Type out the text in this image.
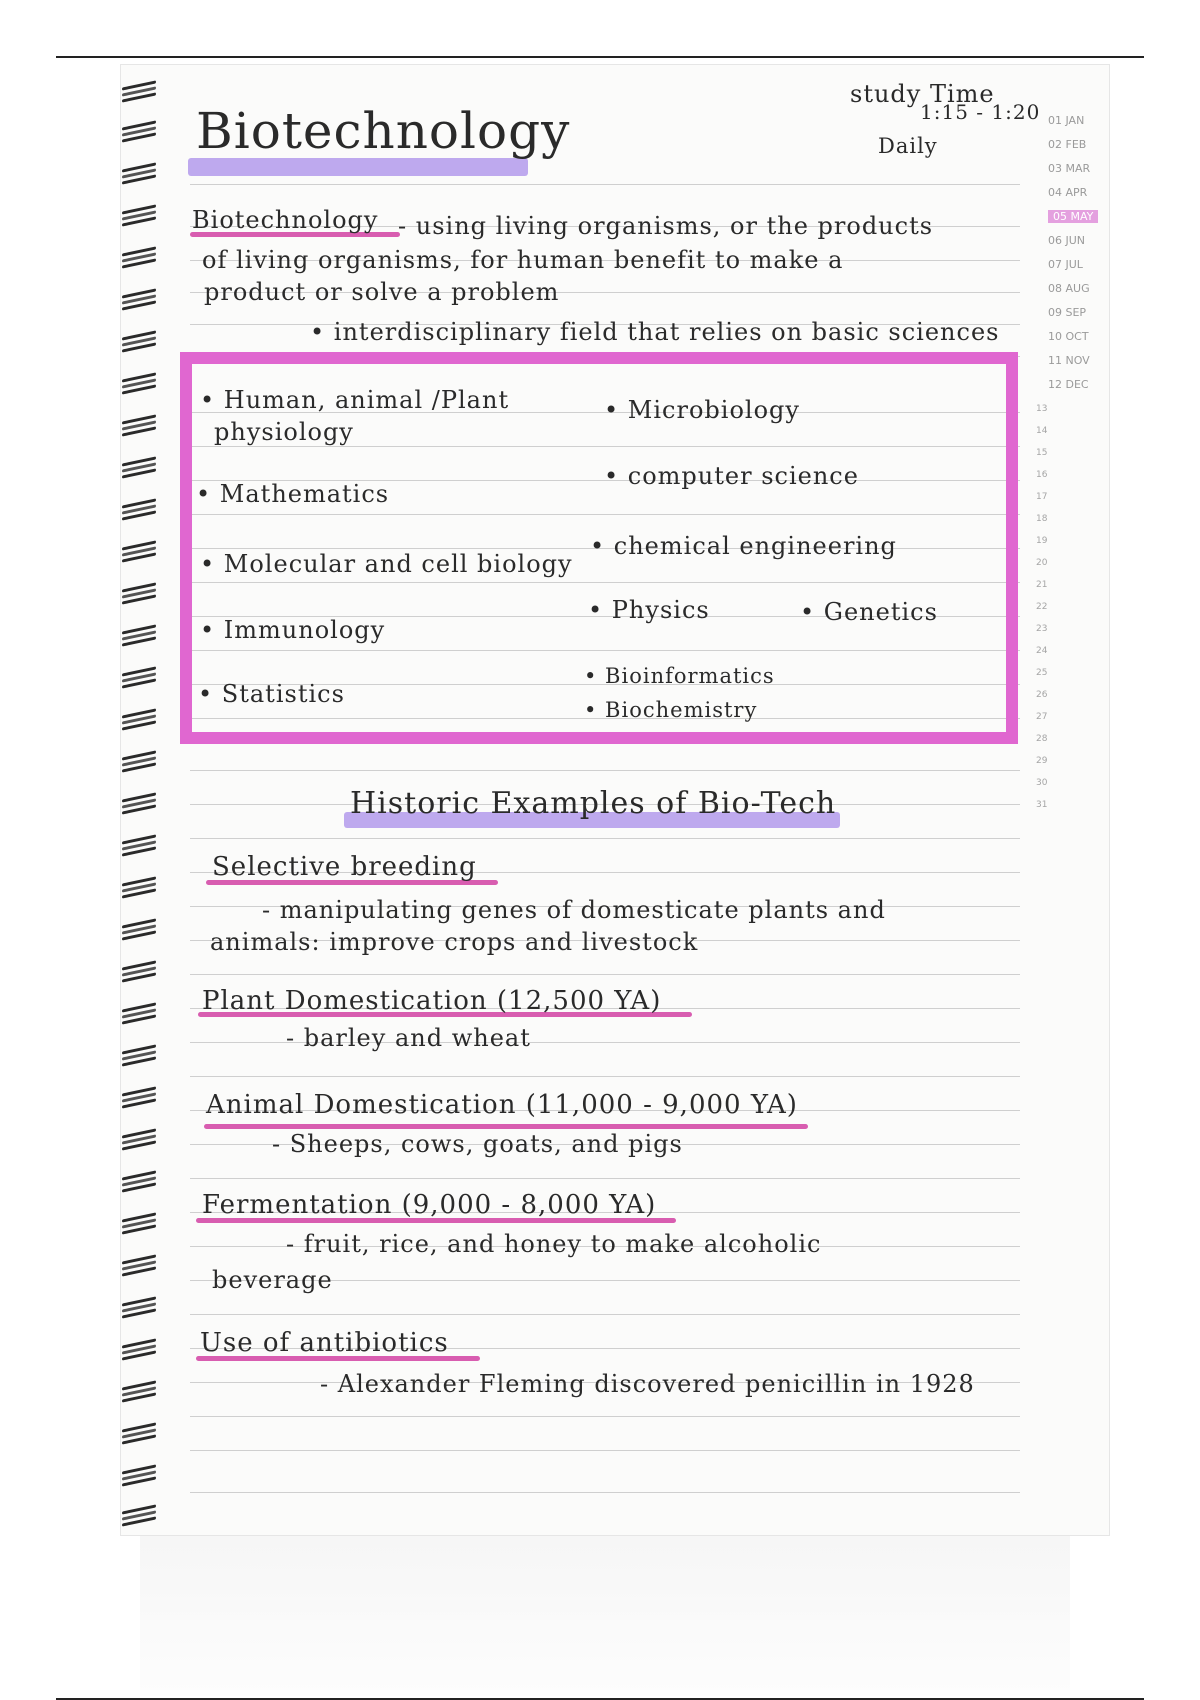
study Time
1:15 - 1:20
Daily
Biotechnology
Biotechnology - using living organisms, or the products
of living organisms, for human benefit to make a
product or solve a problem
• interdisciplinary field that relies on basic sciences
• Human, animal /Plant
physiology
• Mathematics
• Molecular and cell biology
• Immunology
• Statistics
• Microbiology
• computer science
• chemical engineering
• Physics	• Genetics
• Bioinformatics
• Biochemistry
Historic Examples of Bio-Tech
Selective breeding
- manipulating genes of domesticate plants and
animals: improve crops and livestock
Plant Domestication (12,500 YA)
- barley and wheat
Animal Domestication (11,000 - 9,000 YA)
- Sheeps, cows, goats, and pigs
Fermentation (9,000 - 8,000 YA)
- fruit, rice, and honey to make alcoholic
beverage
Use of antibiotics
- Alexander Fleming discovered penicillin in 1928
01 JAN
02 FEB
03 MAR
04 APR
05 MAY
06 JUN
07 JUL
08 AUG
09 SEP
10 OCT
11 NOV
12 DEC
13
14
15
16
17
18
19
20
21
22
23
24
25
26
27
28
29
30
31
